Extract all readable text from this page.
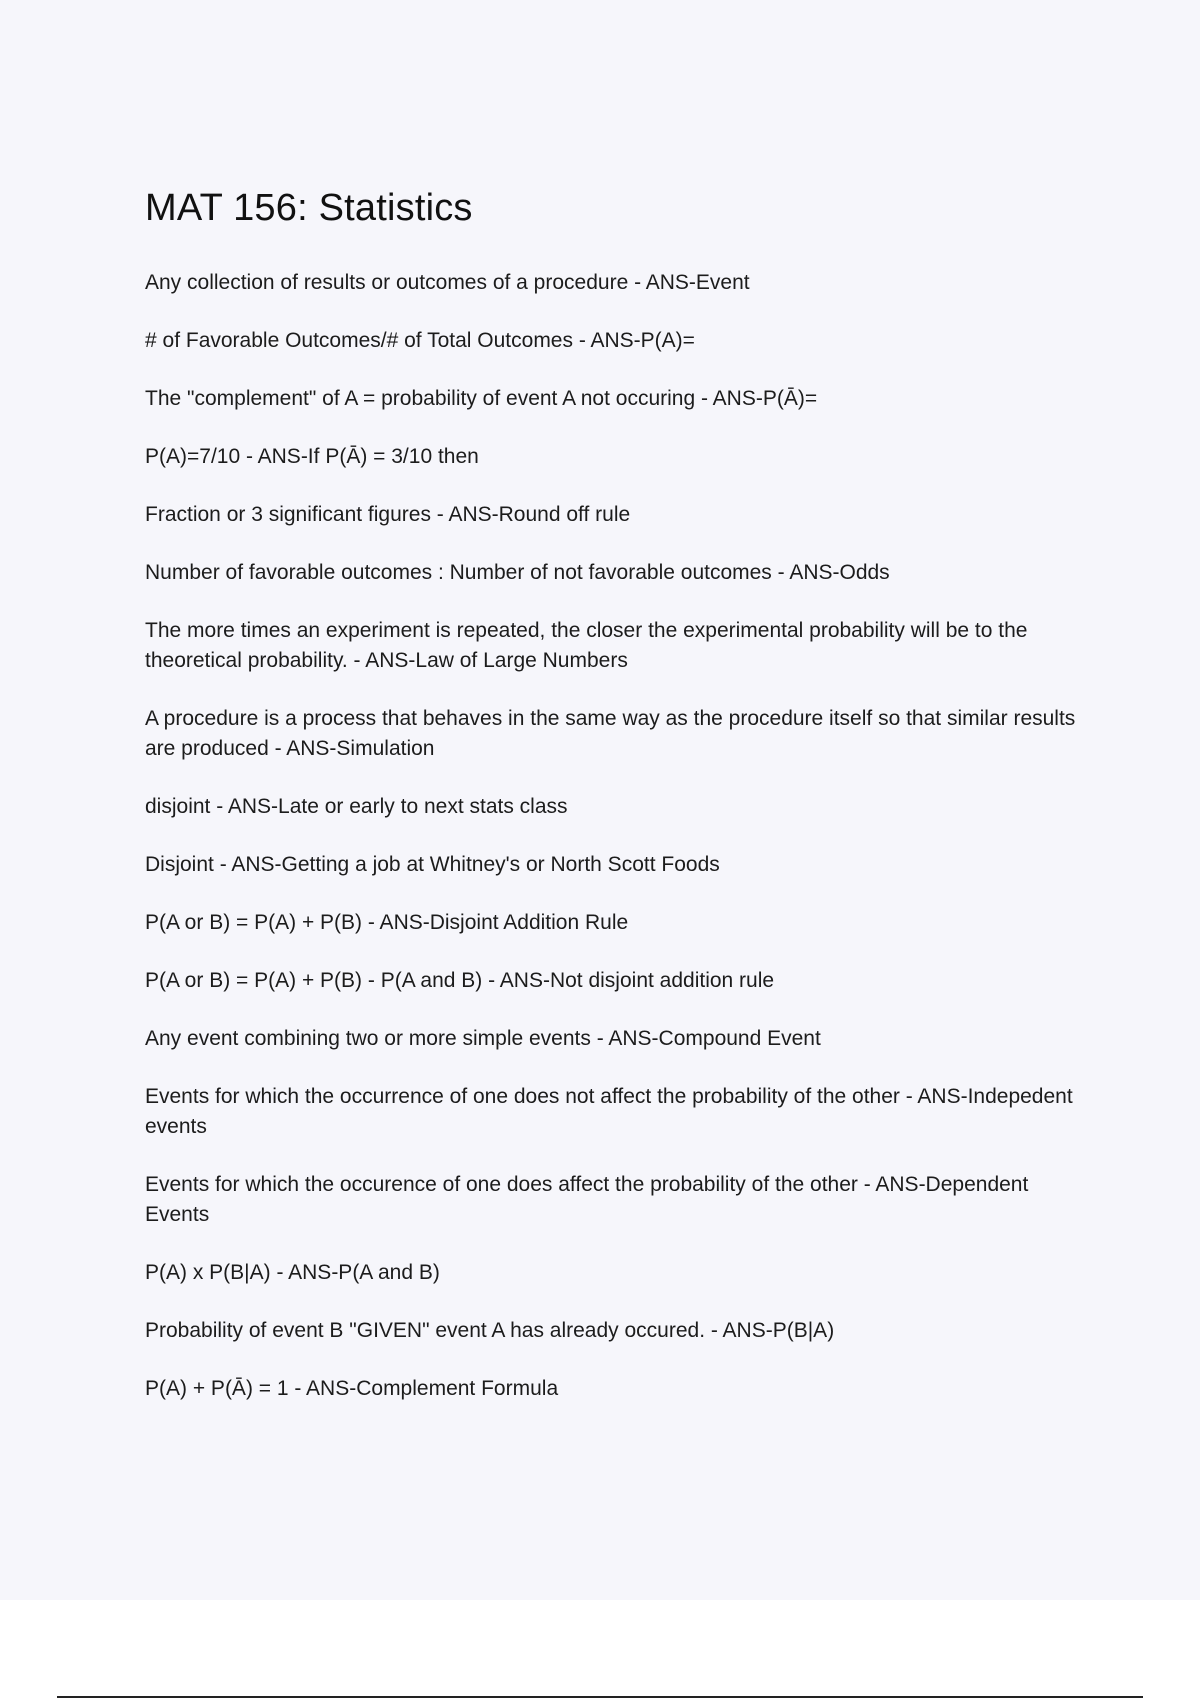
MAT 156: Statistics
Any collection of results or outcomes of a procedure - ANS-Event
# of Favorable Outcomes/# of Total Outcomes - ANS-P(A)=
The "complement" of A = probability of event A not occuring - ANS-P(Ā)=
P(A)=7/10 - ANS-If P(Ā) = 3/10 then
Fraction or 3 significant figures - ANS-Round off rule
Number of favorable outcomes : Number of not favorable outcomes - ANS-Odds
The more times an experiment is repeated, the closer the experimental probability will be to the theoretical probability. - ANS-Law of Large Numbers
A procedure is a process that behaves in the same way as the procedure itself so that similar results are produced - ANS-Simulation
disjoint - ANS-Late or early to next stats class
Disjoint - ANS-Getting a job at Whitney's or North Scott Foods
P(A or B) = P(A) + P(B) - ANS-Disjoint Addition Rule
P(A or B) = P(A) + P(B) - P(A and B) - ANS-Not disjoint addition rule
Any event combining two or more simple events - ANS-Compound Event
Events for which the occurrence of one does not affect the probability of the other - ANS-Indepedent events
Events for which the occurence of one does affect the probability of the other - ANS-Dependent Events
P(A) x P(B|A) - ANS-P(A and B)
Probability of event B "GIVEN" event A has already occured. - ANS-P(B|A)
P(A) + P(Ā) = 1 - ANS-Complement Formula
